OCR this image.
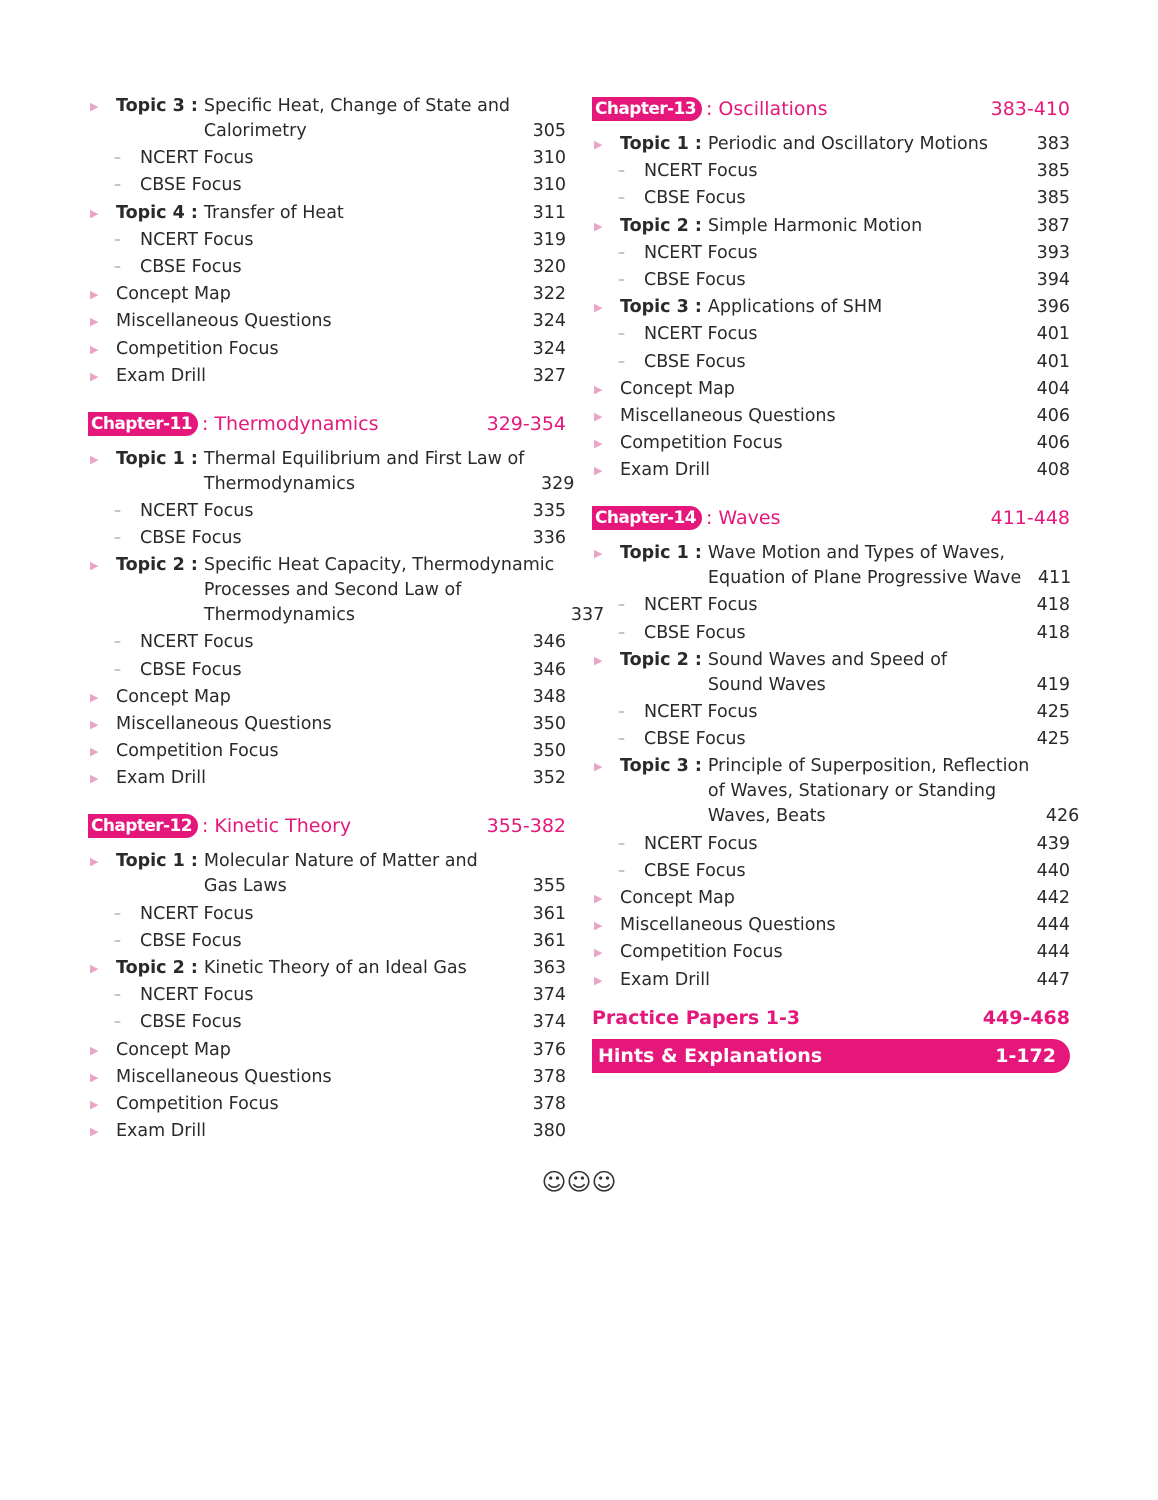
▶	Topic 3 : Specific Heat, Change of State and
Calorimetry	305
–	NCERT Focus	310
–	CBSE Focus	310
▶	Topic 4 : Transfer of Heat	311
–	NCERT Focus	319
–	CBSE Focus	320
▶	Concept Map	322
▶	Miscellaneous Questions	324
▶	Competition Focus	324
▶	Exam Drill	327
Chapter-11 : Thermodynamics	329-354
▶	Topic 1 : Thermal Equilibrium and First Law of
Thermodynamics	329
–	NCERT Focus	335
–	CBSE Focus	336
▶	Topic 2 : Specific Heat Capacity, Thermodynamic
Processes and Second Law of
Thermodynamics	337
–	NCERT Focus	346
–	CBSE Focus	346
▶	Concept Map	348
▶	Miscellaneous Questions	350
▶	Competition Focus	350
▶	Exam Drill	352
Chapter-12 : Kinetic Theory	355-382
▶	Topic 1 : Molecular Nature of Matter and
Gas Laws	355
–	NCERT Focus	361
–	CBSE Focus	361
▶	Topic 2 : Kinetic Theory of an Ideal Gas	363
–	NCERT Focus	374
–	CBSE Focus	374
▶	Concept Map	376
▶	Miscellaneous Questions	378
▶	Competition Focus	378
▶	Exam Drill	380
Chapter-13 : Oscillations	383-410
▶	Topic 1 : Periodic and Oscillatory Motions	383
–	NCERT Focus	385
–	CBSE Focus	385
▶	Topic 2 : Simple Harmonic Motion	387
–	NCERT Focus	393
–	CBSE Focus	394
▶	Topic 3 : Applications of SHM	396
–	NCERT Focus	401
–	CBSE Focus	401
▶	Concept Map	404
▶	Miscellaneous Questions	406
▶	Competition Focus	406
▶	Exam Drill	408
Chapter-14 : Waves	411-448
▶	Topic 1 : Wave Motion and Types of Waves,
Equation of Plane Progressive Wave 411
–	NCERT Focus	418
–	CBSE Focus	418
▶	Topic 2 : Sound Waves and Speed of
Sound Waves	419
–	NCERT Focus	425
–	CBSE Focus	425
▶	Topic 3 : Principle of Superposition, Reflection
of Waves, Stationary or Standing
Waves, Beats	426
–	NCERT Focus	439
–	CBSE Focus	440
▶	Concept Map	442
▶	Miscellaneous Questions	444
▶	Competition Focus	444
▶	Exam Drill	447
Practice Papers 1-3	449-468
Hints & Explanations	1-172
☺☺☺
